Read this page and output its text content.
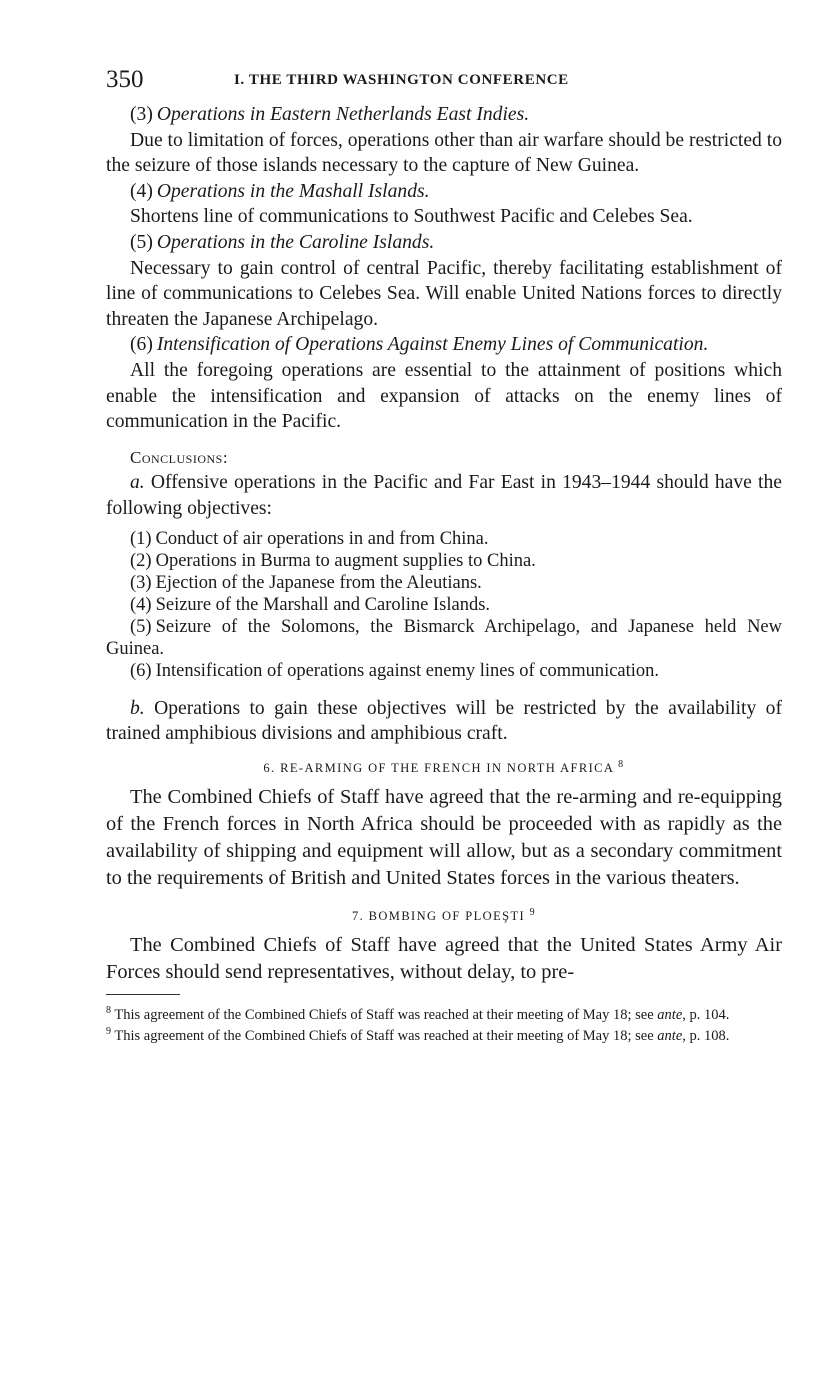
350	I. THE THIRD WASHINGTON CONFERENCE
(3) Operations in Eastern Netherlands East Indies.

Due to limitation of forces, operations other than air warfare should be restricted to the seizure of those islands necessary to the capture of New Guinea.

(4) Operations in the Mashall Islands.

Shortens line of communications to Southwest Pacific and Celebes Sea.

(5) Operations in the Caroline Islands.

Necessary to gain control of central Pacific, thereby facilitating establishment of line of communications to Celebes Sea. Will enable United Nations forces to directly threaten the Japanese Archipelago.

(6) Intensification of Operations Against Enemy Lines of Communication.

All the foregoing operations are essential to the attainment of positions which enable the intensification and expansion of attacks on the enemy lines of communication in the Pacific.

Conclusions:

a. Offensive operations in the Pacific and Far East in 1943–1944 should have the following objectives:

(1) Conduct of air operations in and from China.

(2) Operations in Burma to augment supplies to China.

(3) Ejection of the Japanese from the Aleutians.

(4) Seizure of the Marshall and Caroline Islands.

(5) Seizure of the Solomons, the Bismarck Archipelago, and Japanese held New Guinea.

(6) Intensification of operations against enemy lines of communication.

b. Operations to gain these objectives will be restricted by the availability of trained amphibious divisions and amphibious craft.

6. RE-ARMING OF THE FRENCH IN NORTH AFRICA $^8$

The Combined Chiefs of Staff have agreed that the re-arming and re-equipping of the French forces in North Africa should be proceeded with as rapidly as the availability of shipping and equipment will allow, but as a secondary commitment to the requirements of British and United States forces in the various theaters.

7. BOMBING OF PLOEŞTI $^9$

The Combined Chiefs of Staff have agreed that the United States Army Air Forces should send representatives, without delay, to pre-

$^8$ This agreement of the Combined Chiefs of Staff was reached at their meeting of May 18; see ante, p. 104.

$^9$ This agreement of the Combined Chiefs of Staff was reached at their meeting of May 18; see ante, p. 108.
